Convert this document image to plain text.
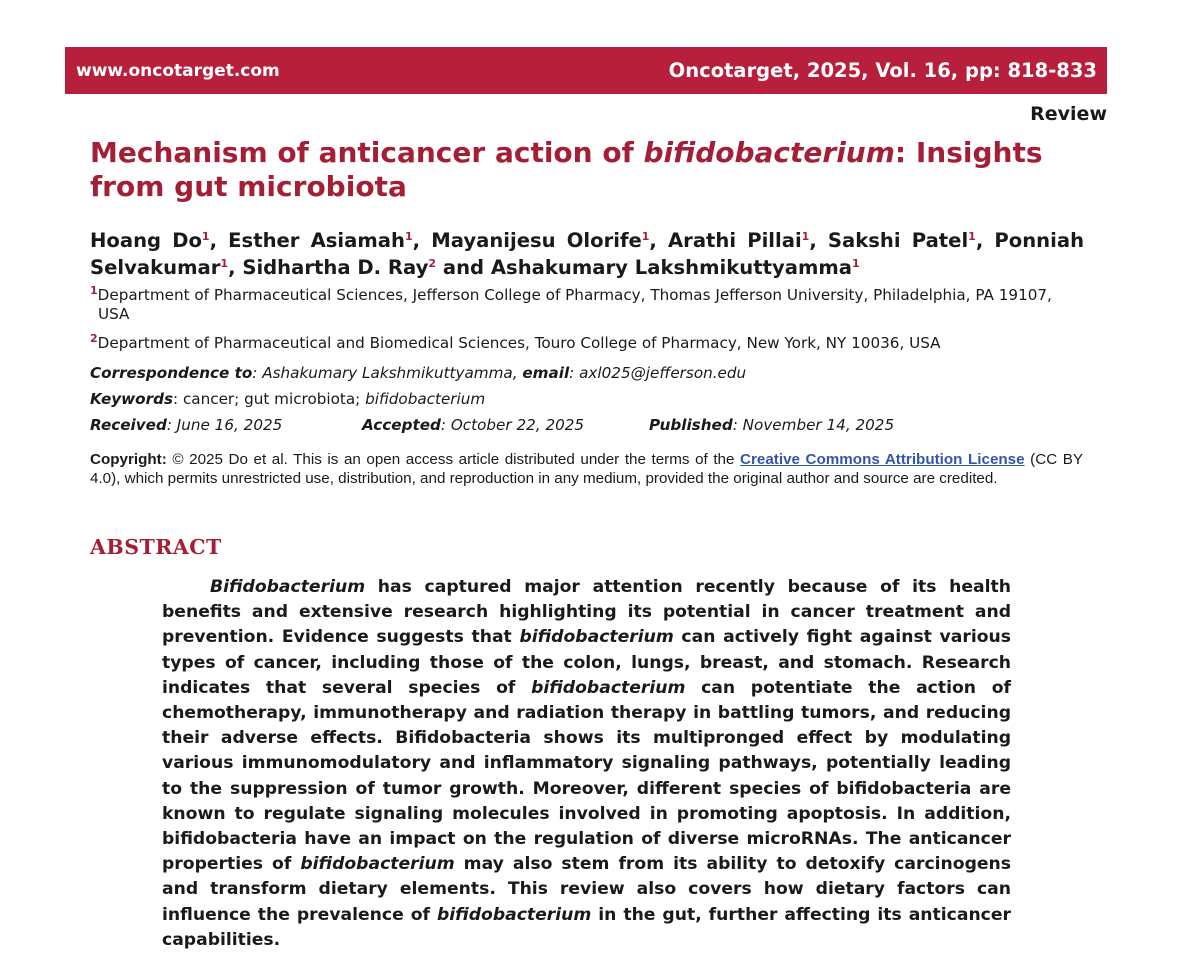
www.oncotarget.com	Oncotarget, 2025, Vol. 16, pp: 818-833
Review
Mechanism of anticancer action of bifidobacterium: Insights from gut microbiota
Hoang Do$^1$, Esther Asiamah$^1$, Mayanijesu Olorife$^1$, Arathi Pillai$^1$, Sakshi Patel$^1$, Ponniah Selvakumar$^1$, Sidhartha D. Ray$^2$ and Ashakumary Lakshmikuttyamma$^1$
$^1$Department of Pharmaceutical Sciences, Jefferson College of Pharmacy, Thomas Jefferson University, Philadelphia, PA 19107,
USA
$^2$Department of Pharmaceutical and Biomedical Sciences, Touro College of Pharmacy, New York, NY 10036, USA
Correspondence to: Ashakumary Lakshmikuttyamma, email: axl025@jefferson.edu
Keywords: cancer; gut microbiota; bifidobacterium
Received: June 16, 2025	Accepted: October 22, 2025	Published: November 14, 2025
Copyright: © 2025 Do et al. This is an open access article distributed under the terms of the Creative Commons Attribution License (CC BY 4.0), which permits unrestricted use, distribution, and reproduction in any medium, provided the original author and source are credited.
ABSTRACT

Bifidobacterium has captured major attention recently because of its health benefits and extensive research highlighting its potential in cancer treatment and prevention. Evidence suggests that bifidobacterium can actively fight against various types of cancer, including those of the colon, lungs, breast, and stomach. Research indicates that several species of bifidobacterium can potentiate the action of chemotherapy, immunotherapy and radiation therapy in battling tumors, and reducing their adverse effects. Bifidobacteria shows its multipronged effect by modulating various immunomodulatory and inflammatory signaling pathways, potentially leading to the suppression of tumor growth. Moreover, different species of bifidobacteria are known to regulate signaling molecules involved in promoting apoptosis. In addition, bifidobacteria have an impact on the regulation of diverse microRNAs. The anticancer properties of bifidobacterium may also stem from its ability to detoxify carcinogens and transform dietary elements. This review also covers how dietary factors can influence the prevalence of bifidobacterium in the gut, further affecting its anticancer capabilities.
